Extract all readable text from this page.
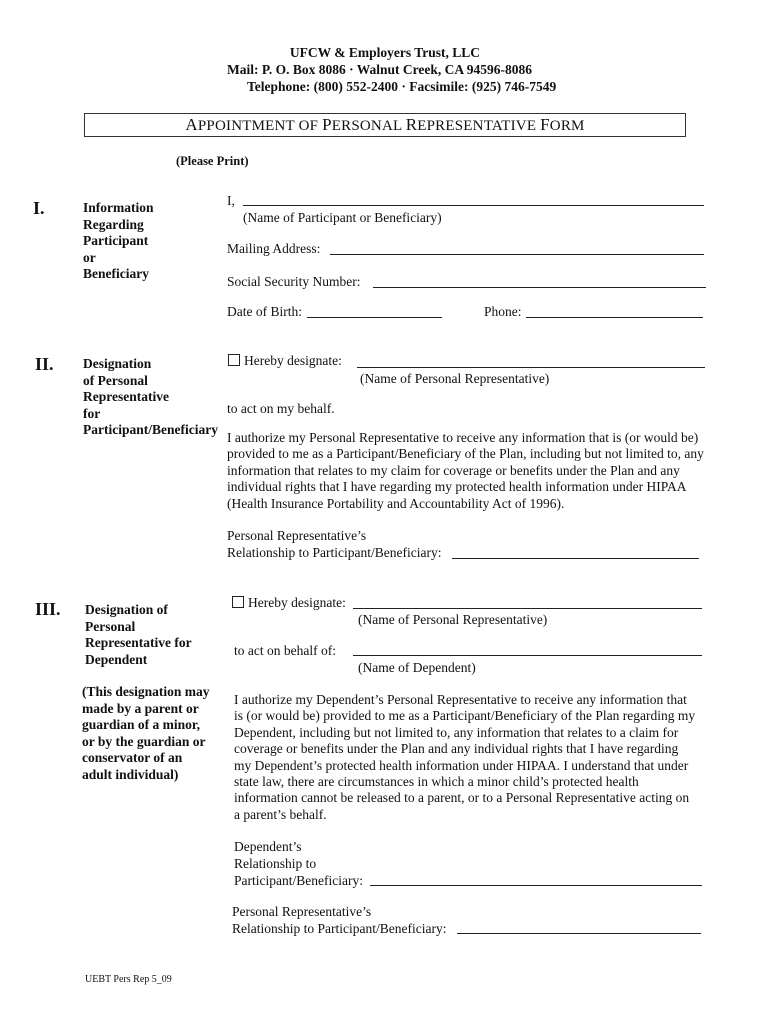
UFCW & Employers Trust, LLC
Mail: P. O. Box 8086 · Walnut Creek, CA 94596-8086
Telephone: (800) 552-2400 · Facsimile: (925) 746-7549
APPOINTMENT OF PERSONAL REPRESENTATIVE FORM
(Please Print)
I.	Information Regarding Participant or Beneficiary
I,
(Name of Participant or Beneficiary)
Mailing Address:
Social Security Number:
Date of Birth:	Phone:
II. Designation
of Personal
Representative
for
Participant/Beneficiary
Hereby designate:
(Name of Personal Representative)
to act on my behalf.
I authorize my Personal Representative to receive any information that is (or would be) provided to me as a Participant/Beneficiary of the Plan, including but not limited to, any information that relates to my claim for coverage or benefits under the Plan and any individual rights that I have regarding my protected health information under HIPAA (Health Insurance Portability and Accountability Act of 1996).
Personal Representative’s
Relationship to Participant/Beneficiary:
III. Designation of
Personal
Representative for
Dependent
(This designation may
made by a parent or
guardian of a minor,
or by the guardian or
conservator of an
adult individual)
Hereby designate:
(Name of Personal Representative)
to act on behalf of:
(Name of Dependent)
I authorize my Dependent’s Personal Representative to receive any information that is (or would be) provided to me as a Participant/Beneficiary of the Plan regarding my Dependent, including but not limited to, any information that relates to a claim for coverage or benefits under the Plan and any individual rights that I have regarding my Dependent’s protected health information under HIPAA. I understand that under state law, there are circumstances in which a minor child’s protected health information cannot be released to a parent, or to a Personal Representative acting on a parent’s behalf.
Dependent’s
Relationship to
Participant/Beneficiary:
Personal Representative’s
Relationship to Participant/Beneficiary:
UEBT Pers Rep 5_09
